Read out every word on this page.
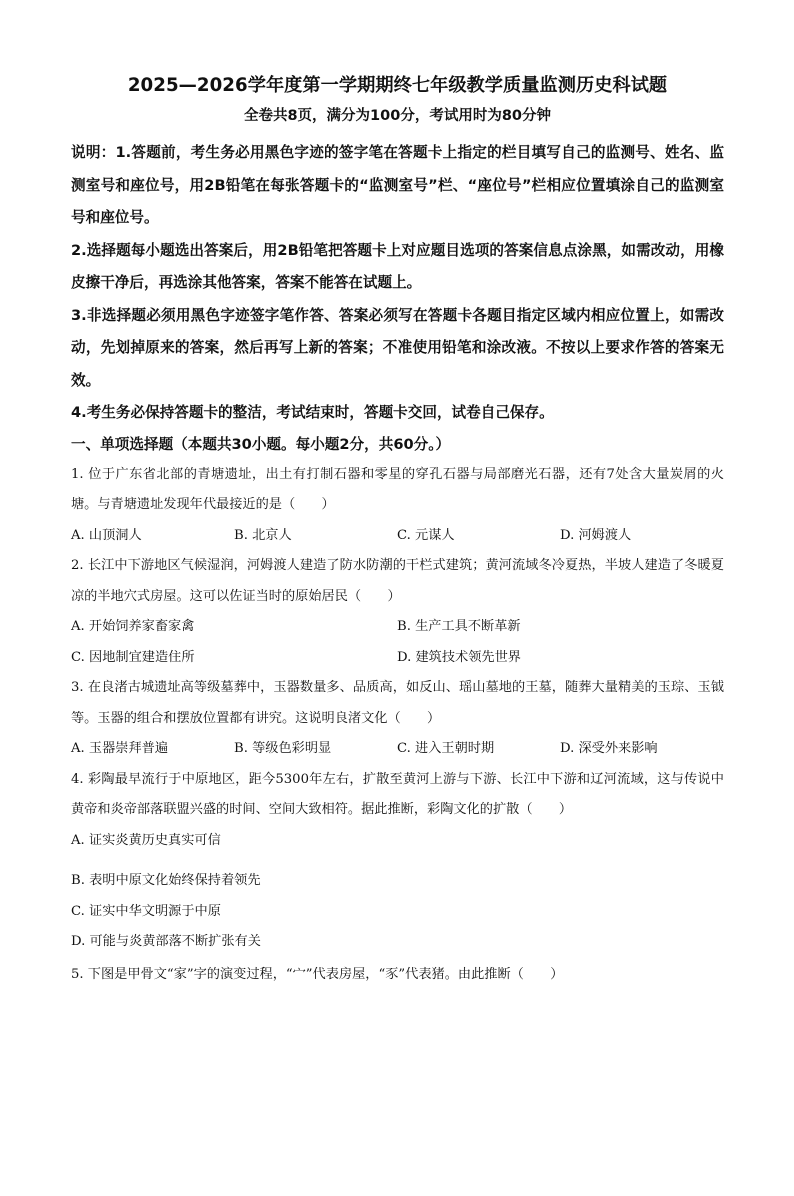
2025—2026学年度第一学期期终七年级教学质量监测历史科试题
全卷共8页，满分为100分，考试用时为80分钟
说明：1.答题前，考生务必用黑色字迹的签字笔在答题卡上指定的栏目填写自己的监测号、姓名、监测室号和座位号，用2B铅笔在每张答题卡的“监测室号”栏、“座位号”栏相应位置填涂自己的监测室号和座位号。
2.选择题每小题选出答案后，用2B铅笔把答题卡上对应题目选项的答案信息点涂黑，如需改动，用橡皮擦干净后，再选涂其他答案，答案不能答在试题上。
3.非选择题必须用黑色字迹签字笔作答、答案必须写在答题卡各题目指定区域内相应位置上，如需改动，先划掉原来的答案，然后再写上新的答案；不准使用铅笔和涂改液。不按以上要求作答的答案无效。
4.考生务必保持答题卡的整洁，考试结束时，答题卡交回，试卷自己保存。
一、单项选择题（本题共30小题。每小题2分，共60分。）
1. 位于广东省北部的青塘遗址，出土有打制石器和零星的穿孔石器与局部磨光石器，还有7处含大量炭屑的火塘。与青塘遗址发现年代最接近的是（　　）
A. 山顶洞人	B. 北京人	C. 元谋人	D. 河姆渡人
2. 长江中下游地区气候湿润，河姆渡人建造了防水防潮的干栏式建筑；黄河流域冬冷夏热，半坡人建造了冬暖夏凉的半地穴式房屋。这可以佐证当时的原始居民（　　）
A. 开始饲养家畜家禽	B. 生产工具不断革新
C. 因地制宜建造住所	D. 建筑技术领先世界
3. 在良渚古城遗址高等级墓葬中，玉器数量多、品质高，如反山、瑶山墓地的王墓，随葬大量精美的玉琮、玉钺等。玉器的组合和摆放位置都有讲究。这说明良渚文化（　　）
A. 玉器崇拜普遍	B. 等级色彩明显	C. 进入王朝时期	D. 深受外来影响
4. 彩陶最早流行于中原地区，距今5300年左右，扩散至黄河上游与下游、长江中下游和辽河流域，这与传说中黄帝和炎帝部落联盟兴盛的时间、空间大致相符。据此推断，彩陶文化的扩散（　　）
A. 证实炎黄历史真实可信
B. 表明中原文化始终保持着领先
C. 证实中华文明源于中原
D. 可能与炎黄部落不断扩张有关
5. 下图是甲骨文“家”字的演变过程，“宀”代表房屋，“豕”代表猪。由此推断（　　）
